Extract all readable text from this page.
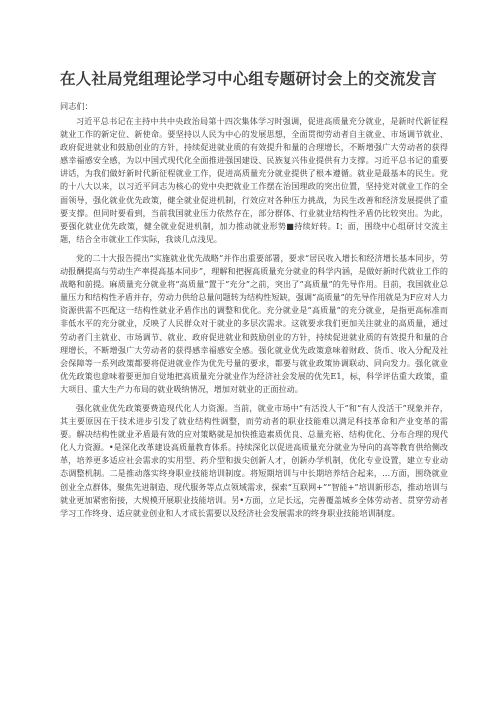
在人社局党组理论学习中心组专题研讨会上的交流发言

同志们：

习近平总书记在主持中共中央政治局第十四次集体学习时强调，促进高质量充分就业，是新时代新征程就业工作的新定位、新使命。要坚持以人民为中心的发展思想，全面贯彻劳动者自主就业、市场调节就业、政府促进就业和鼓励创业的方针，持续促进就业质的有效提升和量的合理增长，不断增强广大劳动者的获得感幸福感安全感，为以中国式现代化全面推进强国建设、民族复兴伟业提供有力支撑。习近平总书记的重要讲话，为我们做好新时代新征程就业工作，促进高质量充分就业提供了根本遵循。就业是最基本的民生。党的十八大以来，以习近平同志为核心的党中央把就业工作摆在治国理政的突出位置，坚持党对就业工作的全面领导，强化就业优先政策，健全就业促进机制，行效应对各种压力挑战，为民生改善和经济发展提供了重要支撑。但同时要看到，当前我国就业压力依然存在，部分群体、行业就业结构性矛盾仍比较突出。为此，要强化就业优先政策，健全就业促进机制，加力推动就业形势■持续好转。I；面，围绕中心组研讨交流主题，结合全市就业工作实际，我谈几点浅见。

党的二十大报告提出“实施就业优先战略”并作出重要部署，要求“居民收入增长和经济增长基本同步，劳动报酬提高与劳动生产率提高基本同步”，理解和把握高质量充分就业的科学内涵，是做好新时代就业工作的战略和前提。麻质量充分就业将“高质量”置于“充分”之前，突出了“高质量”的先导作用。目前，我国就业总量压力和结构性矛盾并存，劳动力供给总量问题转为结构性短缺，强调“高质量”的先导作用就是为F应对人力资源供需不匹配这一结构性就业矛盾作出的调整和优化。充分就业是“高质量”的充分就业，是指更高标准而非低水平的充分就业，反映了人民群众对于就业的多层次需求。这就要求我们更加关注就业的高质量，通过劳动者门主就业、市场调节、就业、政府促进就业和鼓励创业的方针，持续促进就业质的有效提升和量的合理增长，不断增强广大劳动者的获得感幸福感安全感。强化就业优先政策意味着财政、货币、收入分配及社会保障等一系列政策都要将促进就业作为优先号量的要求，都要与就业政策协调联动、同向发力。强化就业优先政策也意味着要更加自觉地把高质量充分就业作为经济社会发展的优先E1，标，科学评估重大政策，重大项目、重大生产力布局的就业吸纳情况，增加对就业的正面拉动。

强化就业优先政策要费造现代化人力资源。当前，就业市场中“有活没人干”和“有人没活干”现象并存，其主要原因在于技术进步引发了就业结构性调整，而劳动者的职业技能难以满足科技革命和产业变革的需要。解决结构性就业矛盾最有效的应对策略就是加快推造素质优良、总量充裕、结构优化、分布合理的现代化人力资源。•是深化改革建设高质量教育体系。持续深化以促进高质量充分就业为导向的高等教育供给侧改革，培养更多适应社会需求的实用型、药介型和拔尖创新人才，创新办学机制，优化专业设置，建立专业动态调整机制。二是推动落实终身职业技能培训制度。将短期培训与中长期培养结合起来，…方面，围绕就业创业全点群体，聚焦先进制造、现代服务等点点领域需求，探索“互联网+”“智能+”培训新形态，推动培训与就业更加紧密衔接，大规模开展职业技能培训。另•方面，立足长远，完善覆盖城乡全体劳动者、贯穿劳动者学习工作终身、适应就业创业和人才成长需要以及经济社会发展需求的终身职业技能培训制度。
